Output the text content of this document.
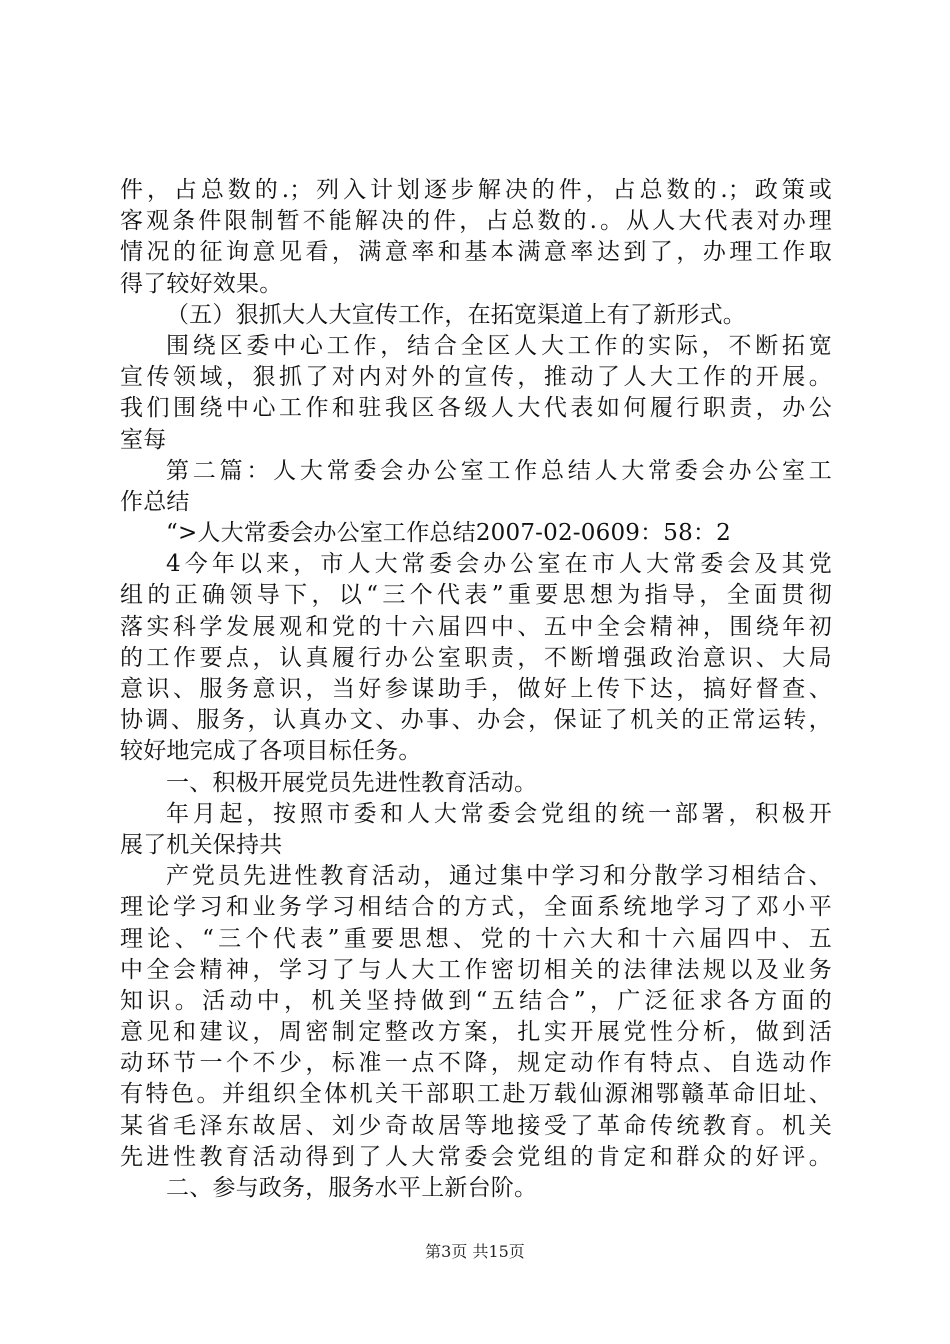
件，占总数的.；列入计划逐步解决的件，占总数的.；政策或
客观条件限制暂不能解决的件，占总数的.。从人大代表对办理
情况的征询意见看，满意率和基本满意率达到了，办理工作取
得了较好效果。
（五）狠抓大人大宣传工作，在拓宽渠道上有了新形式。
围绕区委中心工作，结合全区人大工作的实际，不断拓宽
宣传领域，狠抓了对内对外的宣传，推动了人大工作的开展。
我们围绕中心工作和驻我区各级人大代表如何履行职责，办公
室每
第二篇：人大常委会办公室工作总结人大常委会办公室工
作总结
“>人大常委会办公室工作总结2007-02-0609：58：2
4今年以来，市人大常委会办公室在市人大常委会及其党
组的正确领导下，以“三个代表”重要思想为指导，全面贯彻
落实科学发展观和党的十六届四中、五中全会精神，围绕年初
的工作要点，认真履行办公室职责，不断增强政治意识、大局
意识、服务意识，当好参谋助手，做好上传下达，搞好督查、
协调、服务，认真办文、办事、办会，保证了机关的正常运转，
较好地完成了各项目标任务。
一、积极开展党员先进性教育活动。
年月起，按照市委和人大常委会党组的统一部署，积极开
展了机关保持共
产党员先进性教育活动，通过集中学习和分散学习相结合、
理论学习和业务学习相结合的方式，全面系统地学习了邓小平
理论、“三个代表”重要思想、党的十六大和十六届四中、五
中全会精神，学习了与人大工作密切相关的法律法规以及业务
知识。活动中，机关坚持做到“五结合”，广泛征求各方面的
意见和建议，周密制定整改方案，扎实开展党性分析，做到活
动环节一个不少，标准一点不降，规定动作有特点、自选动作
有特色。并组织全体机关干部职工赴万载仙源湘鄂赣革命旧址、
某省毛泽东故居、刘少奇故居等地接受了革命传统教育。机关
先进性教育活动得到了人大常委会党组的肯定和群众的好评。
二、参与政务，服务水平上新台阶。
第3页 共15页
